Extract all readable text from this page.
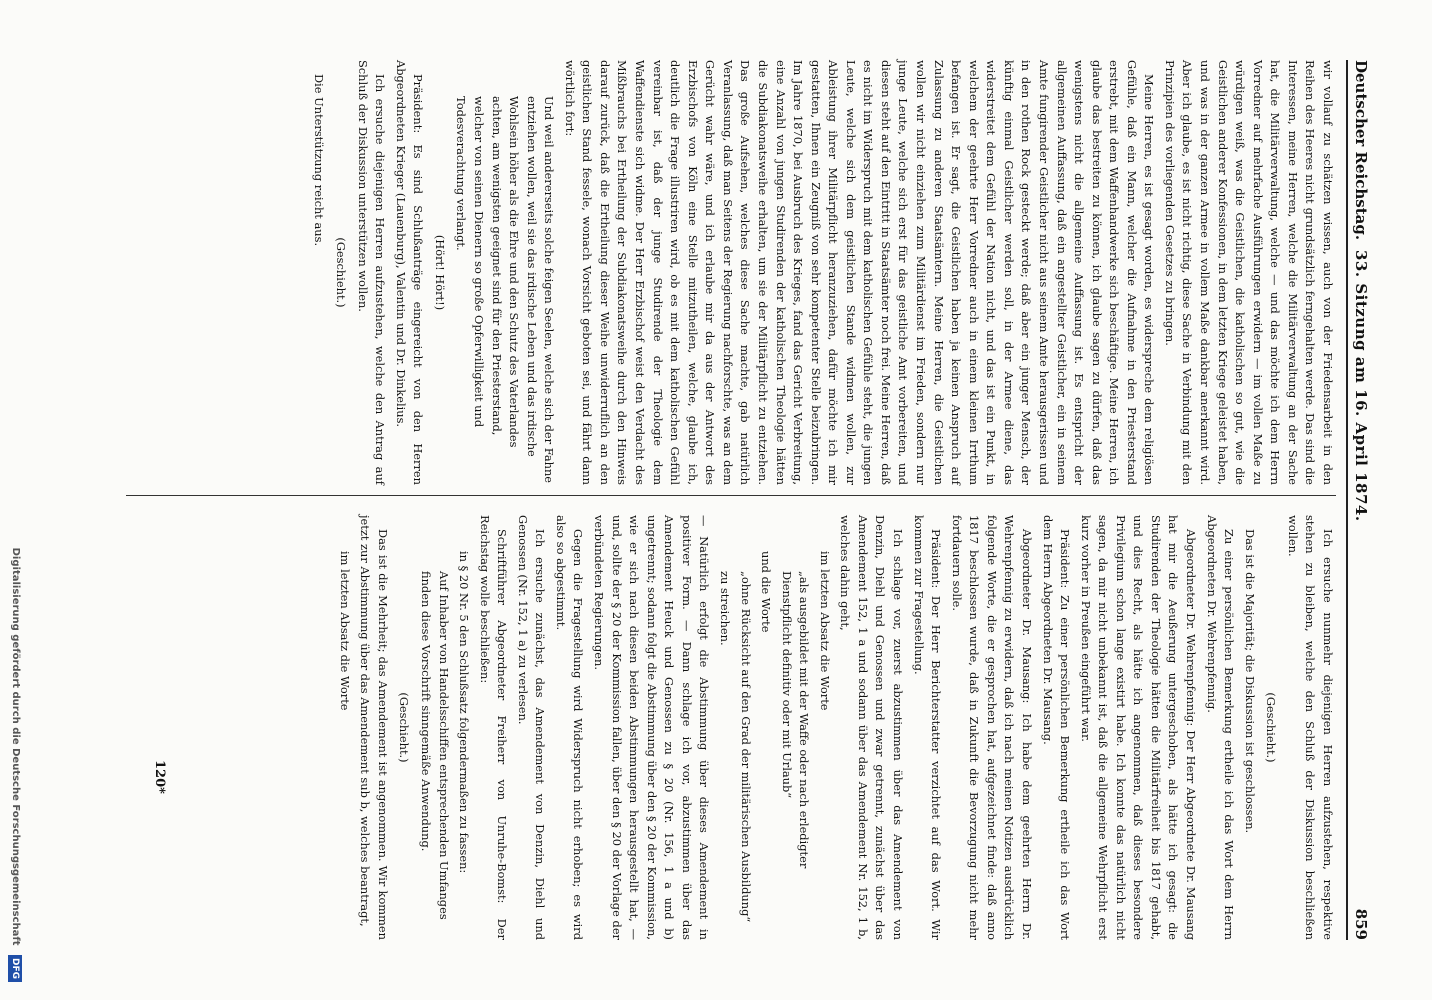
Deutscher Reichstag.
33. Sitzung am 16. April 1874.
859

wir vollauf zu schätzen wissen, auch von der Friedensarbeit in den Reihen des Heeres nicht grundsätzlich ferngehalten werde. Das sind die Interessen, meine Herren, welche die Militärverwaltung an der Sache hat, die Militärverwaltung, welche — und das möchte ich dem Herrn Vorredner auf mehrfache Ausführungen erwidern — im vollen Maße zu würdigen weiß, was die Geistlichen, die katholischen so gut, wie die Geistlichen anderer Konfessionen, in dem letzten Kriege geleistet haben, und was in der ganzen Armee in vollem Maße dankbar anerkannt wird. Aber ich glaube, es ist nicht richtig, diese Sache in Verbindung mit den Prinzipien des vorliegenden Gesetzes zu bringen.

Meine Herren, es ist gesagt worden, es widerspreche dem religiösen Gefühle, daß ein Mann, welcher die Aufnahme in den Priesterstand erstrebt, mit dem Waffenhandwerke sich beschäftige. Meine Herren, ich glaube das bestreiten zu können, ich glaube sagen zu dürfen, daß das wenigstens nicht die allgemeine Auffassung ist. Es entspricht der allgemeinen Auffassung, daß ein angestellter Geistlicher, ein in seinem Amte fungirender Geistlicher nicht aus seinem Amte herausgerissen und in den rothen Rock gesteckt werde; daß aber ein junger Mensch, der künftig einmal Geistlicher werden soll, in der Armee diene, das widerstreitet dem Gefühl der Nation nicht, und das ist ein Punkt, in welchem der geehrte Herr Vorredner auch in einem kleinen Irrthum befangen ist. Er sagt, die Geistlichen haben ja keinen Anspruch auf Zulassung zu anderen Staatsämtern. Meine Herren, die Geistlichen wollen wir nicht einziehen zum Militärdienst im Frieden, sondern nur junge Leute, welche sich erst für das geistliche Amt vorbereiten, und diesen steht auf den Eintritt in Staatsämter noch frei. Meine Herren, daß es nicht im Widerspruch mit dem katholischen Gefühle steht, die jungen Leute, welche sich dem geistlichen Stande widmen wollen, zur Ableistung ihrer Militärpflicht heranzuziehen, dafür möchte ich mir gestatten, Ihnen ein Zeugniß von sehr kompetenter Stelle beizubringen. Im Jahre 1870, bei Ausbruch des Krieges, fand das Gericht Verbreitung, eine Anzahl von jungen Studirenden der katholischen Theologie hätten die Subdiakonatsweihe erhalten, um sie der Militärpflicht zu entziehen. Das große Aufsehen, welches diese Sache machte, gab natürlich Veranlassung, daß man Seitens der Regierung nachforschte, was an dem Gerücht wahr wäre, und ich erlaube mir da aus der Antwort des Erzbischofs von Köln eine Stelle mitzutheilen, welche, glaube ich, deutlich die Frage illustriren wird, ob es mit dem katholischen Gefühl vereinbar ist, daß der junge Studirende der Theologie dem Waffendienste sich widme. Der Herr Erzbischof weist den Verdacht des Mißbrauchs bei Ertheilung der Subdiakonatsweihe durch den Hinweis darauf zurück, daß die Ertheilung dieser Weihe unwiderruflich an den geistlichen Stand fessele, wonach Vorsicht geboten sei, und fährt dann wörtlich fort:

Und weil andererseits solche feigen Seelen, welche sich der Fahne entziehen wollen, weil sie das irdische Leben und das irdische Wohlsein höher als die Ehre und den Schutz des Vaterlandes achten, am wenigsten geeignet sind für den Priesterstand, welcher von seinen Dienern so große Opferwilligkeit und Todesverachtung verlangt.

(Hört! Hört!)

Präsident: Es sind Schlußanträge eingereicht von den Herren Abgeordneten Krieger (Lauenburg), Valentin und Dr. Dinkelius.

Ich ersuche diejenigen Herren aufzustehen, welche den Antrag auf Schluß der Diskussion unterstützen wollen.

(Geschieht.)

Die Unterstützung reicht aus.

Ich ersuche nunmehr diejenigen Herren aufzustehen, respektive stehen zu bleiben, welche den Schluß der Diskussion beschließen wollen.

(Geschieht.)

Das ist die Majorität; die Diskussion ist geschlossen.

Zu einer persönlichen Bemerkung ertheile ich das Wort dem Herrn Abgeordneten Dr. Wehrenpfennig.

Abgeordneter Dr. Wehrenpfennig: Der Herr Abgeordnete Dr. Mausang hat mir die Aeußerung untergeschoben, als hätte ich gesagt: die Studirenden der Theologie hätten die Militärfreiheit bis 1817 gehabt, und dies Recht, als hätte ich angenommen, daß dieses besondere Privilegium schon lange existirt habe. Ich konnte das natürlich nicht sagen, da mir nicht unbekannt ist, daß die allgemeine Wehrpflicht erst kurz vorher in Preußen eingeführt war.

Präsident: Zu einer persönlichen Bemerkung ertheile ich das Wort dem Herrn Abgeordneten Dr. Mausang.

Abgeordneter Dr. Mausang: Ich habe dem geehrten Herrn Dr. Wehrenpfennig zu erwidern, daß ich nach meinen Notizen ausdrücklich folgende Worte, die er gesprochen hat, aufgezeichnet finde: daß anno 1817 beschlossen wurde, daß in Zukunft die Bevorzugung nicht mehr fortdauern solle.

Präsident: Der Herr Berichterstatter verzichtet auf das Wort. Wir kommen zur Fragestellung.

Ich schlage vor, zuerst abzustimmen über das Amendement von Denzin, Diehl und Genossen und zwar getrennt, zunächst über das Amendement 152, 1 a und sodann über das Amendement Nr. 152, 1 b, welches dahin geht,

im letzten Absatz die Worte

„als ausgebildet mit der Waffe oder nach erledigter Dienstpflicht definitiv oder mit Urlaub“

und die Worte

„ohne Rücksicht auf den Grad der militärischen Ausbildung“

zu streichen.

— Natürlich erfolgt die Abstimmung über dieses Amendement in positiver Form. — Dann schlage ich vor, abzustimmen über das Amendement Heuck und Genossen zu § 20 (Nr. 156, 1 a und b) ungetrennt; sodann folgt die Abstimmung über den § 20 der Kommission, wie er sich nach diesen beiden Abstimmungen herausgestellt hat, — und, sollte der § 20 der Kommission fallen, über den § 20 der Vorlage der verbündeten Regierungen.

Gegen die Fragestellung wird Widerspruch nicht erhoben; es wird also so abgestimmt.

Ich ersuche zunächst, das Amendement von Denzin, Diehl und Genossen (Nr. 152, 1 a) zu verlesen.

Schriftführer Abgeordneter Freiherr von Unruhe-Bomst: Der Reichstag wolle beschließen:

in § 20 Nr. 5 den Schlußsatz folgendermaßen zu fassen:

Auf Inhaber von Handelsschiffen entsprechenden Umfanges finden diese Vorschrift sinngemäße Anwendung.

(Geschieht.)

Das ist die Mehrheit; das Amendement ist angenommen. Wir kommen jetzt zur Abstimmung über das Amendement sub b, welches beantragt,

im letzten Absatz die Worte

120*
Digitalisierung gefördert durch die Deutsche Forschungsgemeinschaft DFG
